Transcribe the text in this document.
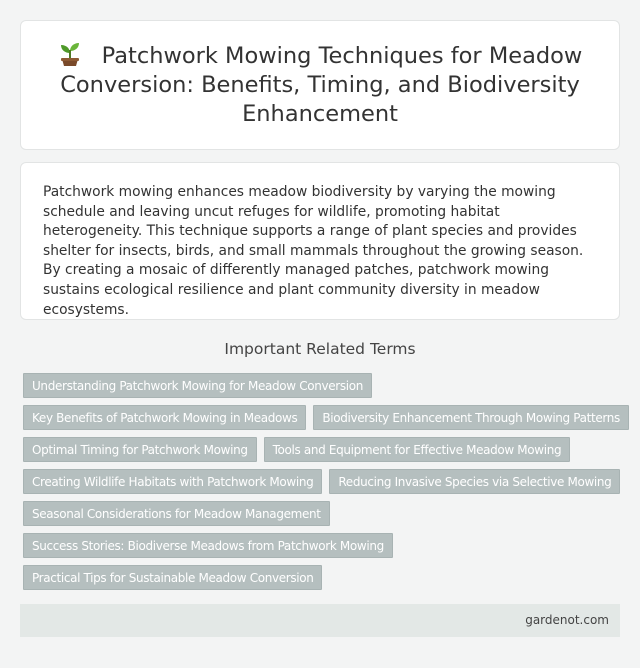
Patchwork Mowing Techniques for Meadow Conversion: Benefits, Timing, and Biodiversity Enhancement

Patchwork mowing enhances meadow biodiversity by varying the mowing schedule and leaving uncut refuges for wildlife, promoting habitat heterogeneity. This technique supports a range of plant species and provides shelter for insects, birds, and small mammals throughout the growing season. By creating a mosaic of differently managed patches, patchwork mowing sustains ecological resilience and plant community diversity in meadow ecosystems.

Important Related Terms
Understanding Patchwork Mowing for Meadow Conversion
Key Benefits of Patchwork Mowing in Meadows	Biodiversity Enhancement Through Mowing Patterns
Optimal Timing for Patchwork Mowing	Tools and Equipment for Effective Meadow Mowing
Creating Wildlife Habitats with Patchwork Mowing	Reducing Invasive Species via Selective Mowing
Seasonal Considerations for Meadow Management
Success Stories: Biodiverse Meadows from Patchwork Mowing
Practical Tips for Sustainable Meadow Conversion
gardenot.com
